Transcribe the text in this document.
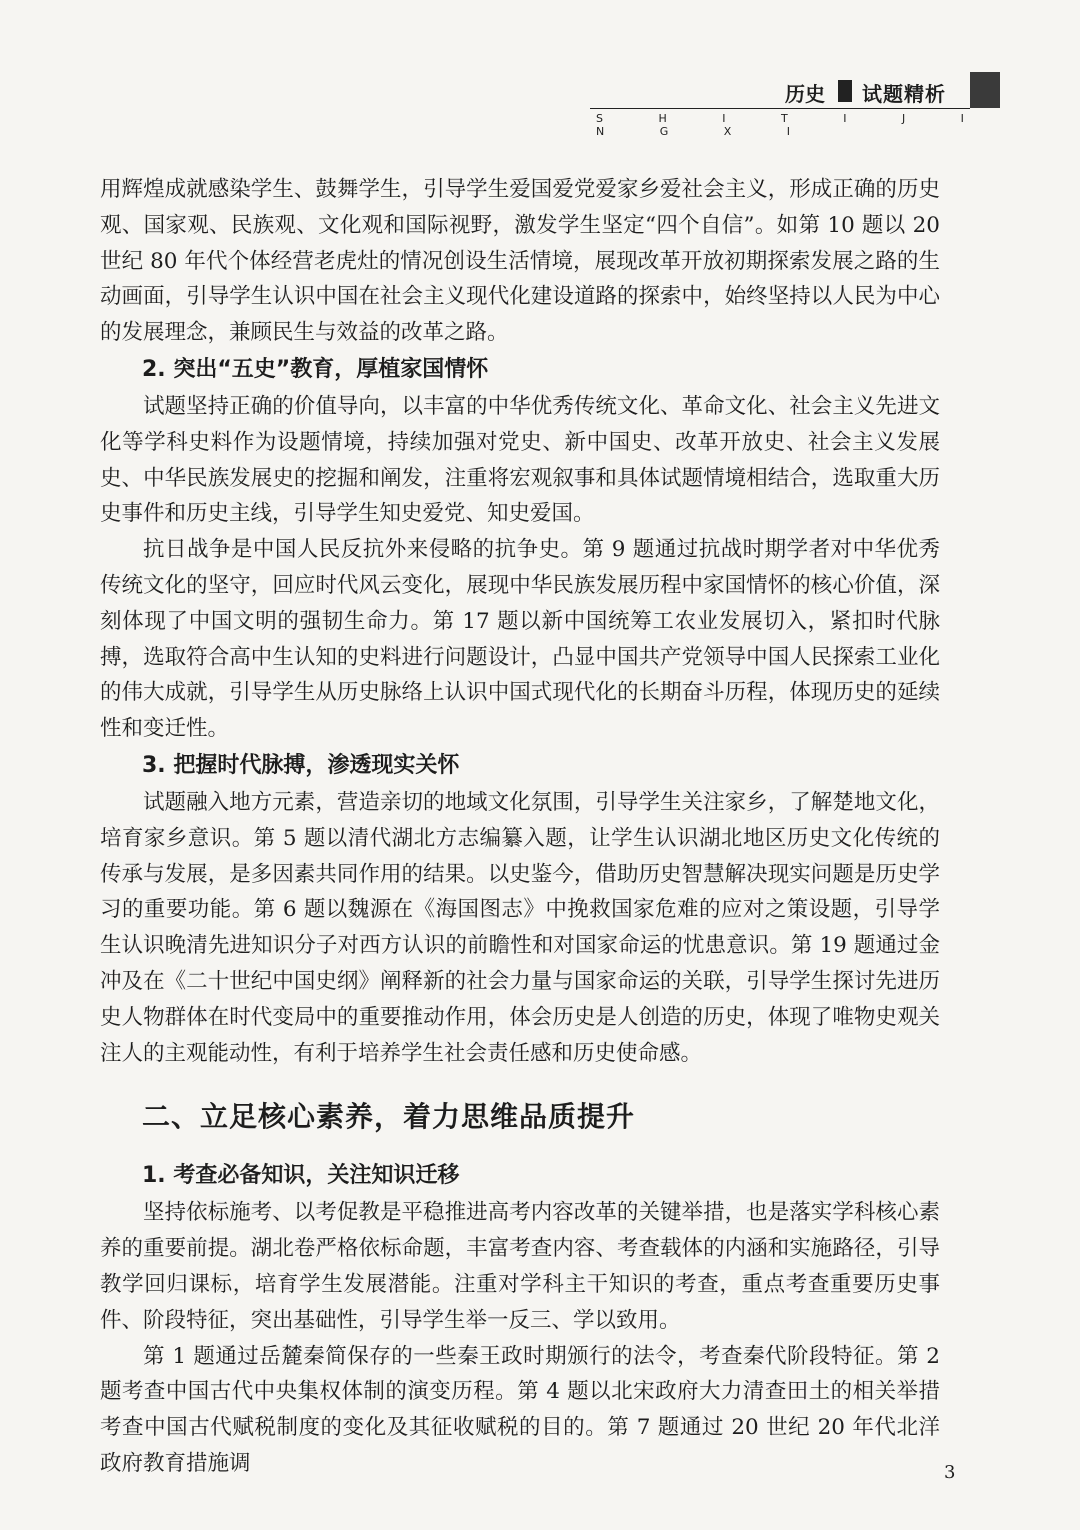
历史 试题精析
S H I T I J I N G X I

用辉煌成就感染学生、鼓舞学生，引导学生爱国爱党爱家乡爱社会主义，形成正确的历史观、国家观、民族观、文化观和国际视野，激发学生坚定“四个自信”。如第 10 题以 20 世纪 80 年代个体经营老虎灶的情况创设生活情境，展现改革开放初期探索发展之路的生动画面，引导学生认识中国在社会主义现代化建设道路的探索中，始终坚持以人民为中心的发展理念，兼顾民生与效益的改革之路。

2. 突出“五史”教育，厚植家国情怀

试题坚持正确的价值导向，以丰富的中华优秀传统文化、革命文化、社会主义先进文化等学科史料作为设题情境，持续加强对党史、新中国史、改革开放史、社会主义发展史、中华民族发展史的挖掘和阐发，注重将宏观叙事和具体试题情境相结合，选取重大历史事件和历史主线，引导学生知史爱党、知史爱国。

抗日战争是中国人民反抗外来侵略的抗争史。第 9 题通过抗战时期学者对中华优秀传统文化的坚守，回应时代风云变化，展现中华民族发展历程中家国情怀的核心价值，深刻体现了中国文明的强韧生命力。第 17 题以新中国统筹工农业发展切入，紧扣时代脉搏，选取符合高中生认知的史料进行问题设计，凸显中国共产党领导中国人民探索工业化的伟大成就，引导学生从历史脉络上认识中国式现代化的长期奋斗历程，体现历史的延续性和变迁性。

3. 把握时代脉搏，渗透现实关怀

试题融入地方元素，营造亲切的地域文化氛围，引导学生关注家乡，了解楚地文化，培育家乡意识。第 5 题以清代湖北方志编纂入题，让学生认识湖北地区历史文化传统的传承与发展，是多因素共同作用的结果。以史鉴今，借助历史智慧解决现实问题是历史学习的重要功能。第 6 题以魏源在《海国图志》中挽救国家危难的应对之策设题，引导学生认识晚清先进知识分子对西方认识的前瞻性和对国家命运的忧患意识。第 19 题通过金冲及在《二十世纪中国史纲》阐释新的社会力量与国家命运的关联，引导学生探讨先进历史人物群体在时代变局中的重要推动作用，体会历史是人创造的历史，体现了唯物史观关注人的主观能动性，有利于培养学生社会责任感和历史使命感。

二、立足核心素养，着力思维品质提升

1. 考查必备知识，关注知识迁移

坚持依标施考、以考促教是平稳推进高考内容改革的关键举措，也是落实学科核心素养的重要前提。湖北卷严格依标命题，丰富考查内容、考查载体的内涵和实施路径，引导教学回归课标，培育学生发展潜能。注重对学科主干知识的考查，重点考查重要历史事件、阶段特征，突出基础性，引导学生举一反三、学以致用。

第 1 题通过岳麓秦简保存的一些秦王政时期颁行的法令，考查秦代阶段特征。第 2 题考查中国古代中央集权体制的演变历程。第 4 题以北宋政府大力清查田土的相关举措考查中国古代赋税制度的变化及其征收赋税的目的。第 7 题通过 20 世纪 20 年代北洋政府教育措施调	3
